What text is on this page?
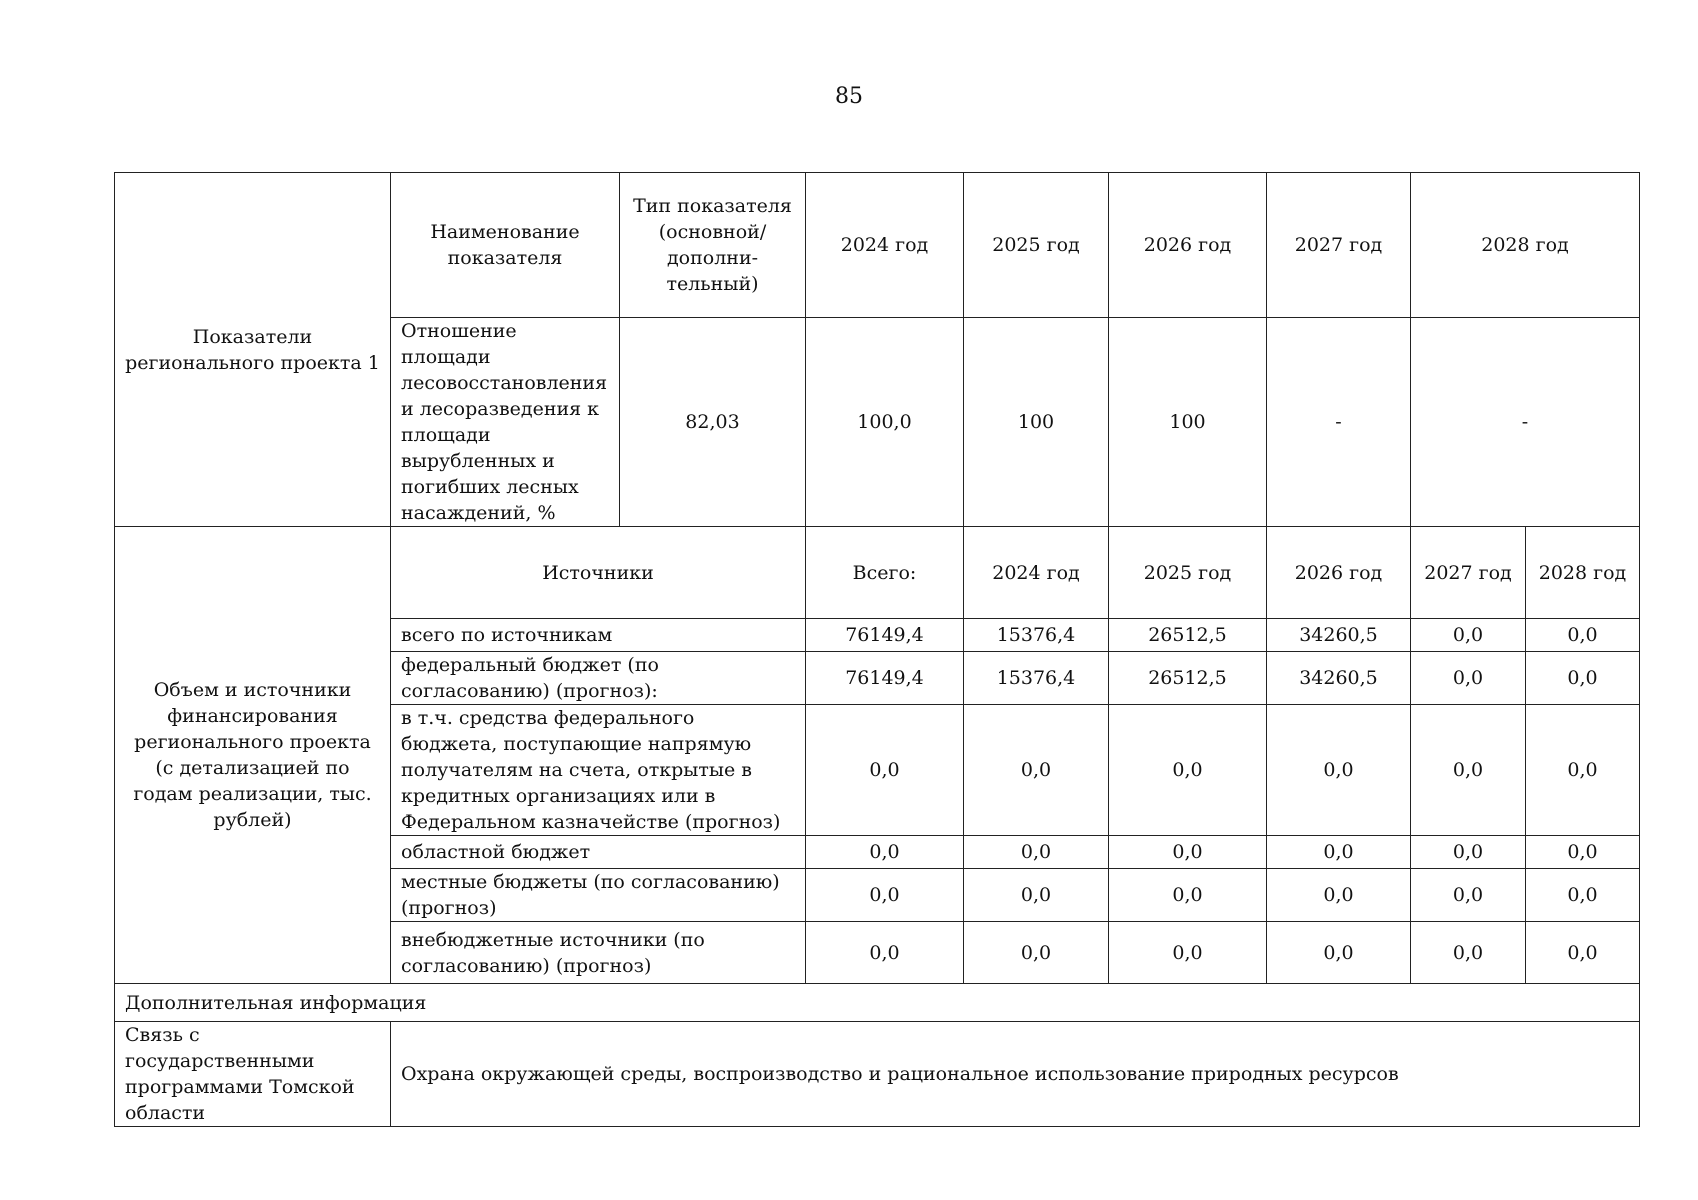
85
Показатели регионального проекта 1	Наименование показателя	Тип показателя (основной/ дополни- тельный)	2024 год	2025 год	2026 год	2027 год	2028 год	
	Отношение площади лесовосстановления и лесоразведения к площади вырубленных и погибших лесных насаждений, %	82,03	100,0	100	100	-	-	
Объем и источники финансирования регионального проекта (с детализацией по годам реализации, тыс. рублей)	Источники		Всего:	2024 год	2025 год	2026 год	2027 год	2028 год
	всего по источникам		76149,4	15376,4	26512,5	34260,5	0,0	0,0
	федеральный бюджет (по согласованию) (прогноз):		76149,4	15376,4	26512,5	34260,5	0,0	0,0
	в т.ч. средства федерального бюджета, поступающие напрямую получателям на счета, открытые в кредитных организациях или в Федеральном казначействе (прогноз)		0,0	0,0	0,0	0,0	0,0	0,0
	областной бюджет		0,0	0,0	0,0	0,0	0,0	0,0
	местные бюджеты (по согласованию) (прогноз)		0,0	0,0	0,0	0,0	0,0	0,0
	внебюджетные источники (по согласованию) (прогноз)		0,0	0,0	0,0	0,0	0,0	0,0
Дополнительная информация								
Связь с государственными программами Томской области	Охрана окружающей среды, воспроизводство и рациональное использование природных ресурсов							
